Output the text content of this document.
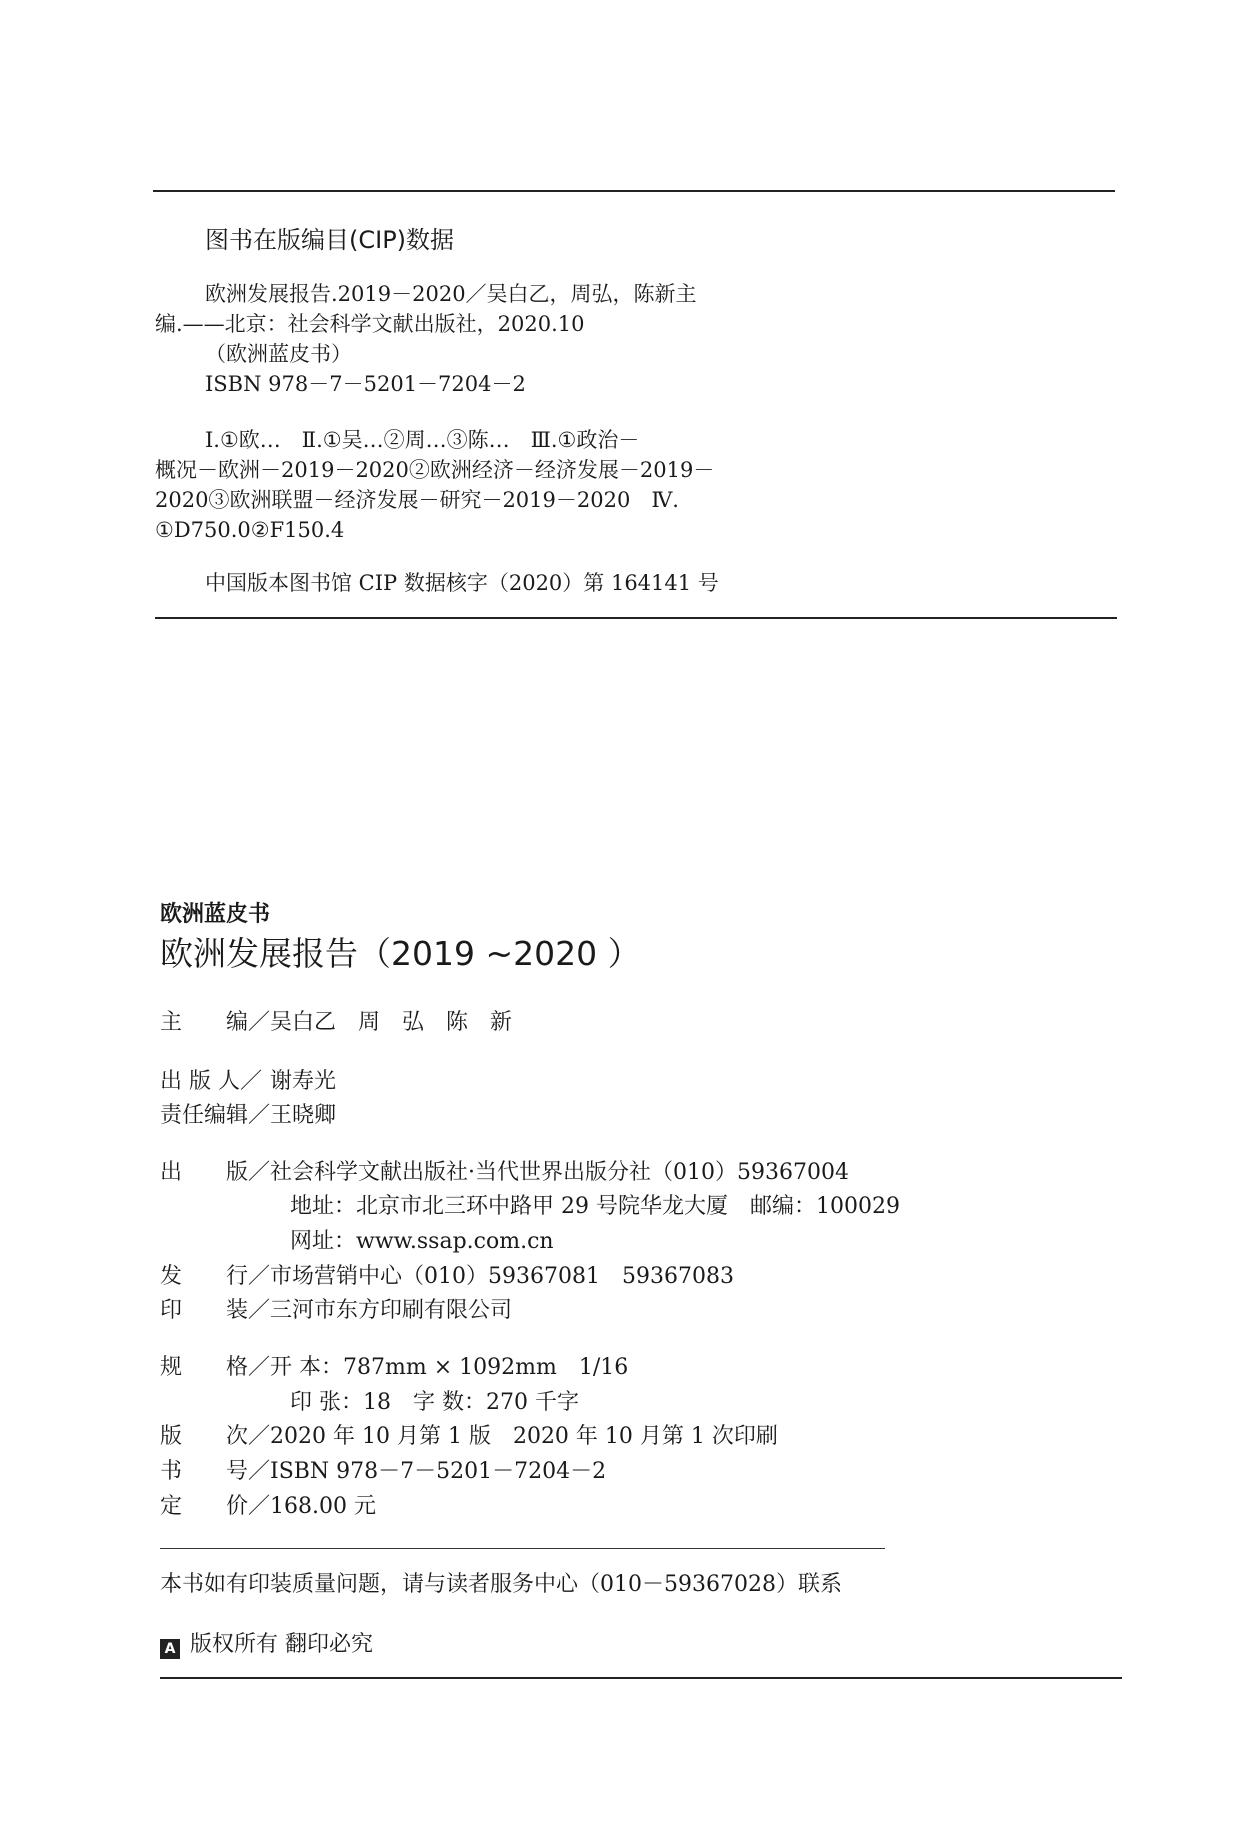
图书在版编目(CIP)数据
欧洲发展报告.2019－2020／吴白乙，周弘，陈新主
编.——北京：社会科学文献出版社，2020.10
（欧洲蓝皮书）
ISBN 978－7－5201－7204－2
Ⅰ.①欧…　Ⅱ.①吴…②周…③陈…　Ⅲ.①政治－
概况－欧洲－2019－2020②欧洲经济－经济发展－2019－
2020③欧洲联盟－经济发展－研究－2019－2020　Ⅳ.
①D750.0②F150.4
中国版本图书馆 CIP 数据核字（2020）第 164141 号
欧洲蓝皮书
欧洲发展报告（2019 ~2020 ）
主　　编／吴白乙　周　弘　陈　新
出 版 人／ 谢寿光
责任编辑／王晓卿
出　　版／社会科学文献出版社·当代世界出版分社（010）59367004
地址：北京市北三环中路甲 29 号院华龙大厦　邮编：100029
网址：www.ssap.com.cn
发　　行／市场营销中心（010）59367081　59367083
印　　装／三河市东方印刷有限公司
规　　格／开 本：787mm × 1092mm　1/16
印 张：18　字 数：270 千字
版　　次／2020 年 10 月第 1 版　2020 年 10 月第 1 次印刷
书　　号／ISBN 978－7－5201－7204－2
定　　价／168.00 元
本书如有印装质量问题，请与读者服务中心（010－59367028）联系
A 版权所有 翻印必究
